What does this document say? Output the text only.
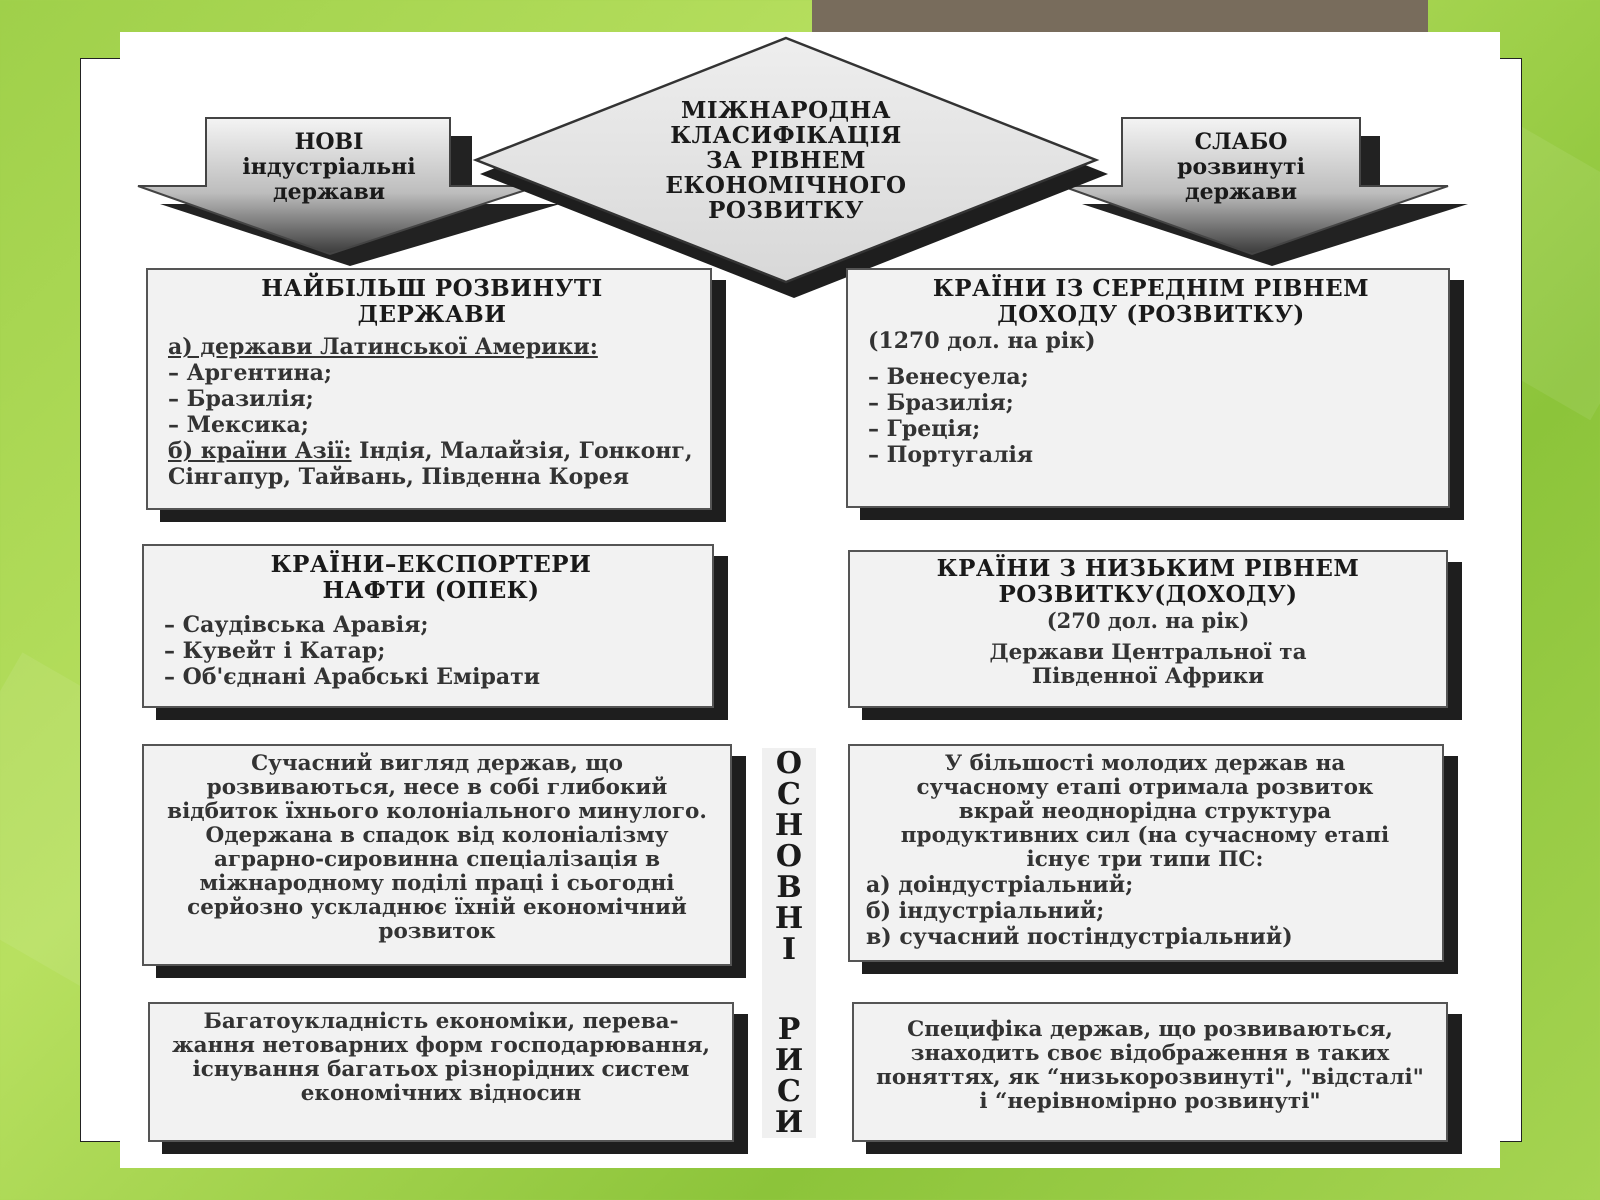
МІЖНАРОДНА
КЛАСИФІКАЦІЯ
ЗА РІВНЕМ
ЕКОНОМІЧНОГО
РОЗВИТКУ
НОВІ
індустріальні
держави
СЛАБО
розвинуті
держави
НАЙБІЛЬШ РОЗВИНУТІ ДЕРЖАВИ
а) держави Латинської Америки:
– Аргентина;
– Бразилія;
– Мексика;

б) країни Азії: Індія, Малайзія, Гонконг, Сінгапур, Тайвань, Південна Корея

КРАЇНИ ІЗ СЕРЕДНІМ РІВНЕМ ДОХОДУ (РОЗВИТКУ)
(1270 дол. на рік)
– Венесуела;
– Бразилія;
– Греція;
– Португалія
КРАЇНИ–ЕКСПОРТЕРИ НАФТИ (ОПЕК)
– Саудівська Аравія;
– Кувейт і Катар;
– Об'єднані Арабські Емірати
КРАЇНИ З НИЗЬКИМ РІВНЕМ РОЗВИТКУ(ДОХОДУ)
(270 дол. на рік)
Держави Центральної та Південної Африки
Сучасний вигляд держав, що розвиваються, несе в собі глибокий відбиток їхнього колоніального минулого. Одержана в спадок від колоніалізму аграрно-сировинна спеціалізація в міжнародному поділі праці і сьогодні серйозно ускладнює їхній економічний розвиток
У більшості молодих держав на сучасному етапі отримала розвиток вкрай неоднорідна структура продуктивних сил (на сучасному етапі існує три типи ПС:
а) доіндустріальний;
б) індустріальний;
в) сучасний постіндустріальний)
Багатоукладність економіки, перева-жання нетоварних форм господарювання, існування багатьох різнорідних систем економічних відносин
Специфіка держав, що розвиваються, знаходить своє відображення в таких поняттях, як “низькорозвинуті", "відсталі" і “нерівномірно розвинуті"
О
С
Н
О
В
Н
І
Р
И
С
И
